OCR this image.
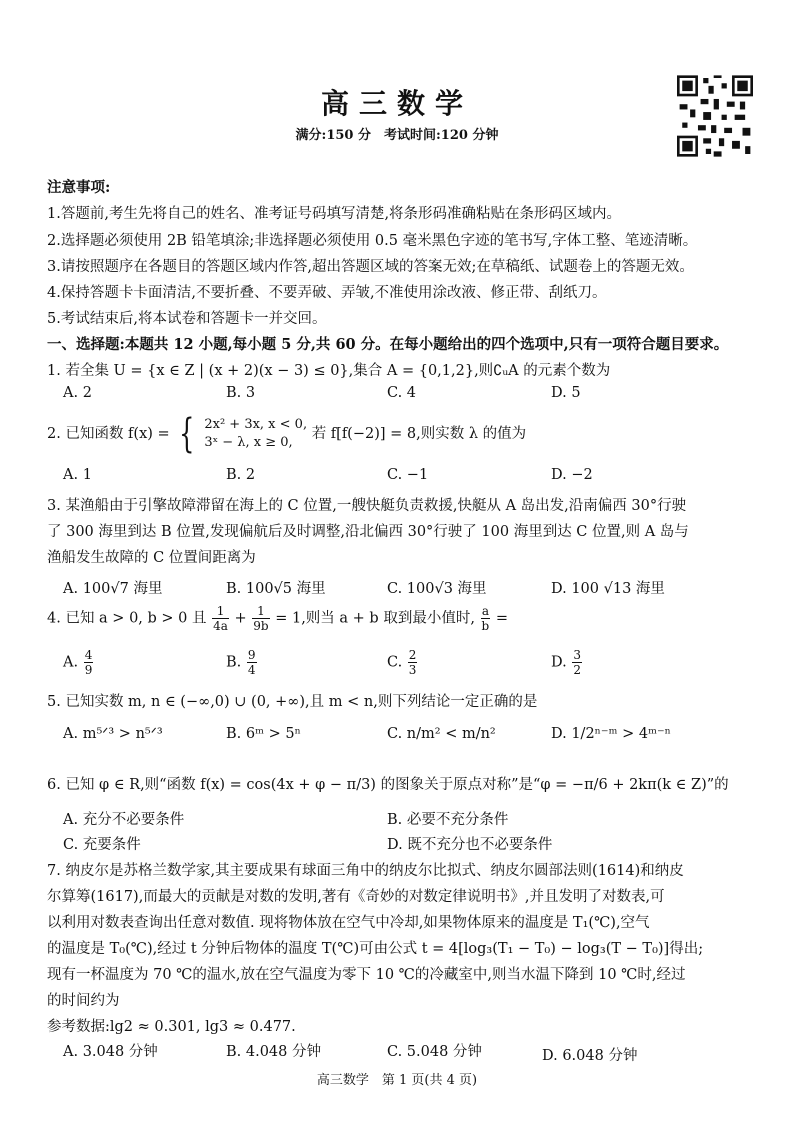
高三数学
满分:150 分　考试时间:120 分钟
注意事项:
1.答题前,考生先将自己的姓名、准考证号码填写清楚,将条形码准确粘贴在条形码区域内。
2.选择题必须使用 2B 铅笔填涂;非选择题必须使用 0.5 毫米黑色字迹的笔书写,字体工整、笔迹清晰。
3.请按照题序在各题目的答题区域内作答,超出答题区域的答案无效;在草稿纸、试题卷上的答题无效。
4.保持答题卡卡面清洁,不要折叠、不要弄破、弄皱,不准使用涂改液、修正带、刮纸刀。
5.考试结束后,将本试卷和答题卡一并交回。
一、选择题:本题共 12 小题,每小题 5 分,共 60 分。在每小题给出的四个选项中,只有一项符合题目要求。
1. 若全集 U = {x ∈ Z | (x + 2)(x − 3) ≤ 0},集合 A = {0,1,2},则∁ᵤA 的元素个数为
A. 2	B. 3	C. 4	D. 5
2. 已知函数 f(x) = { 2x² + 3x, x < 0,
3ˣ − λ, x ≥ 0,
若 f[f(−2)] = 8,则实数 λ 的值为
A. 1	B. 2	C. −1	D. −2
3. 某渔船由于引擎故障滞留在海上的 C 位置,一艘快艇负责救援,快艇从 A 岛出发,沿南偏西 30°行驶
了 300 海里到达 B 位置,发现偏航后及时调整,沿北偏西 30°行驶了 100 海里到达 C 位置,则 A 岛与
渔船发生故障的 C 位置间距离为
A. 100√7 海里	B. 100√5 海里	C. 100√3 海里	D. 100 √13 海里
4. 已知 a > 0, b > 0 且 $\frac{1}{4a} + \frac{1}{9b} = 1$,则当 a + b 取到最小值时, $\frac{a}{b}$ =
A. $\frac{4}{9}$	B. $\frac{9}{4}$	C. $\frac{2}{3}$	D. $\frac{3}{2}$
5. 已知实数 m, n ∈ (−∞,0) ∪ (0, +∞),且 m < n,则下列结论一定正确的是
A. m⁵ᐟ³ > n⁵ᐟ³	B. 6ᵐ > 5ⁿ	C. n/m² < m/n²	D. 1/2ⁿ⁻ᵐ > 4ᵐ⁻ⁿ
6. 已知 φ ∈ R,则“函数 f(x) = cos(4x + φ − π/3) 的图象关于原点对称”是“φ = −π/6 + 2kπ(k ∈ Z)”的
A. 充分不必要条件	B. 必要不充分条件
C. 充要条件	D. 既不充分也不必要条件
7. 纳皮尔是苏格兰数学家,其主要成果有球面三角中的纳皮尔比拟式、纳皮尔圆部法则(1614)和纳皮
尔算筹(1617),而最大的贡献是对数的发明,著有《奇妙的对数定律说明书》,并且发明了对数表,可
以利用对数表查询出任意对数值. 现将物体放在空气中冷却,如果物体原来的温度是 T₁(℃),空气
的温度是 T₀(℃),经过 t 分钟后物体的温度 T(℃)可由公式 t = 4[log₃(T₁ − T₀) − log₃(T − T₀)]得出;
现有一杯温度为 70 ℃的温水,放在空气温度为零下 10 ℃的冷藏室中,则当水温下降到 10 ℃时,经过
的时间约为
参考数据:lg2 ≈ 0.301, lg3 ≈ 0.477.
A. 3.048 分钟	B. 4.048 分钟	C. 5.048 分钟	D. 6.048 分钟
高三数学　第 1 页(共 4 页)
